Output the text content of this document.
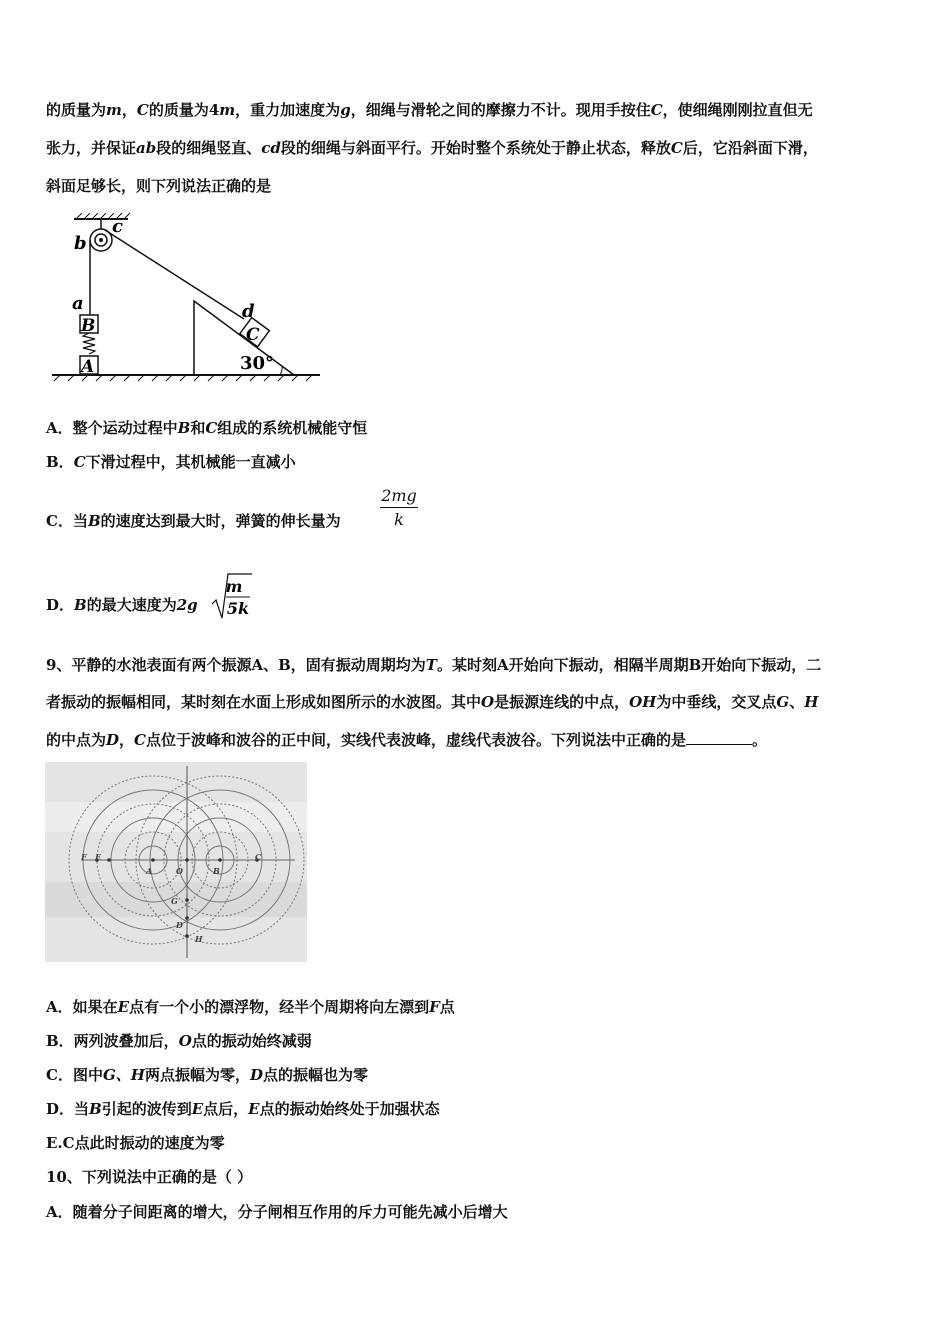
的质量为m，C的质量为4m，重力加速度为g，细绳与滑轮之间的摩擦力不计。现用手按住C，使细绳刚刚拉直但无
张力，并保证ab段的细绳竖直、cd段的细绳与斜面平行。开始时整个系统处于静止状态，释放C后，它沿斜面下滑，
斜面足够长，则下列说法正确的是
b
c
a
B
A
C
d
30°
A．整个运动过程中B和C组成的系统机械能守恒
B．C下滑过程中，其机械能一直减小
C．当B的速度达到最大时，弹簧的伸长量为
2mg
k
D．B的最大速度为2g
m
5k
9、平静的水池表面有两个振源A、B，固有振动周期均为T。某时刻A开始向下振动，相隔半周期B开始向下振动，二
者振动的振幅相同，某时刻在水面上形成如图所示的水波图。其中O是振源连线的中点，OH为中垂线，交叉点G、H
的中点为D，C点位于波峰和波谷的正中间，实线代表波峰，虚线代表波谷。下列说法中正确的是	。
F E
A	O	B
C
G
D
H
A．如果在E点有一个小的漂浮物，经半个周期将向左漂到F点
B．两列波叠加后，O点的振动始终减弱
C．图中G、H两点振幅为零，D点的振幅也为零
D．当B引起的波传到E点后，E点的振动始终处于加强状态
E.C点此时振动的速度为零
10、下列说法中正确的是（ ）
A．随着分子间距离的增大，分子闸相互作用的斥力可能先减小后增大
